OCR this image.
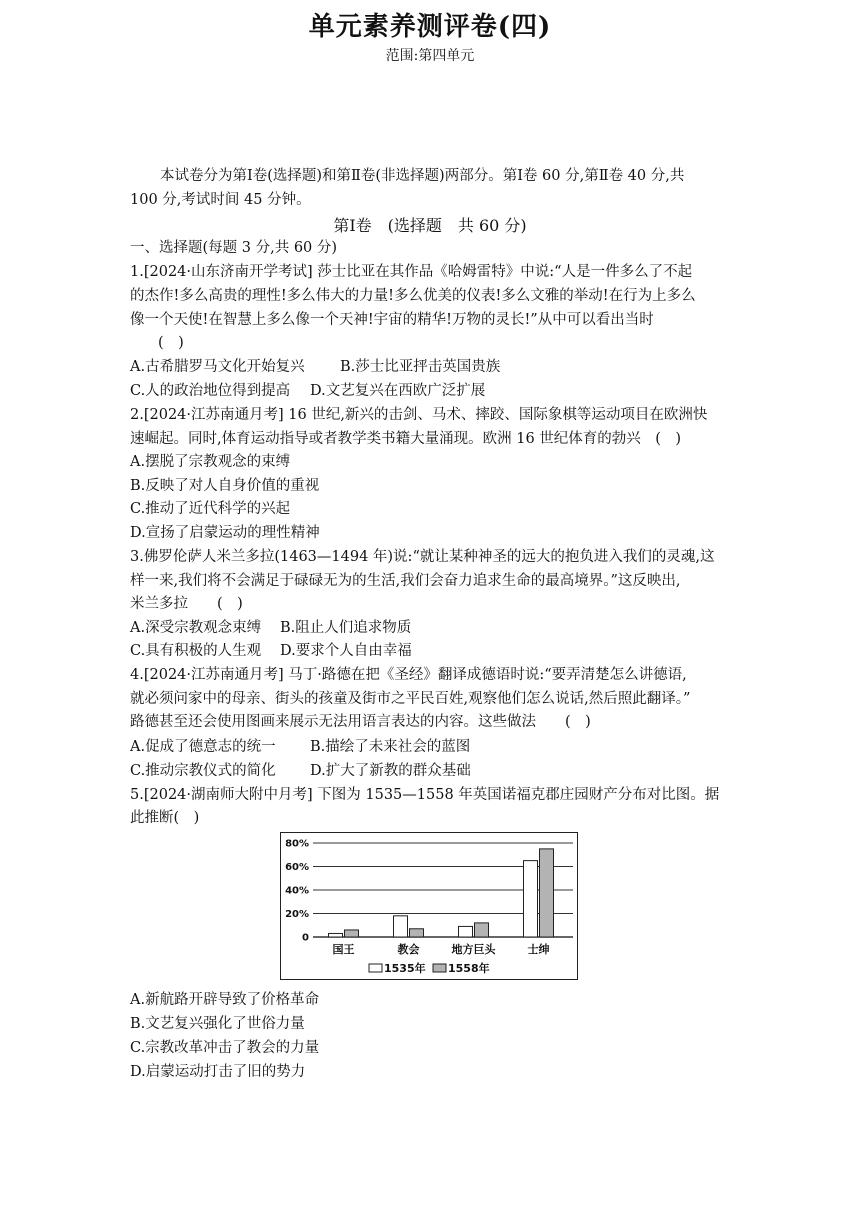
单元素养测评卷(四)
范围:第四单元
本试卷分为第Ⅰ卷(选择题)和第Ⅱ卷(非选择题)两部分。第Ⅰ卷 60 分,第Ⅱ卷 40 分,共
100 分,考试时间 45 分钟。
第Ⅰ卷　(选择题　共 60 分)
一、选择题(每题 3 分,共 60 分)
1.[2024·山东济南开学考试] 莎士比亚在其作品《哈姆雷特》中说:“人是一件多么了不起
的杰作!多么高贵的理性!多么伟大的力量!多么优美的仪表!多么文雅的举动!在行为上多么
像一个天使!在智慧上多么像一个天神!宇宙的精华!万物的灵长!”从中可以看出当时
(　)
A.古希腊罗马文化开始复兴 B.莎士比亚抨击英国贵族
C.人的政治地位得到提高 D.文艺复兴在西欧广泛扩展
2.[2024·江苏南通月考] 16 世纪,新兴的击剑、马术、摔跤、国际象棋等运动项目在欧洲快
速崛起。同时,体育运动指导或者教学类书籍大量涌现。欧洲 16 世纪体育的勃兴　(　)
A.摆脱了宗教观念的束缚
B.反映了对人自身价值的重视
C.推动了近代科学的兴起
D.宣扬了启蒙运动的理性精神
3.佛罗伦萨人米兰多拉(1463—1494 年)说:“就让某种神圣的远大的抱负进入我们的灵魂,这
样一来,我们将不会满足于碌碌无为的生活,我们会奋力追求生命的最高境界。”这反映出,
米兰多拉　　(　)
A.深受宗教观念束缚 B.阻止人们追求物质
C.具有积极的人生观 D.要求个人自由幸福
4.[2024·江苏南通月考] 马丁·路德在把《圣经》翻译成德语时说:“要弄清楚怎么讲德语,
就必须问家中的母亲、街头的孩童及街市之平民百姓,观察他们怎么说话,然后照此翻译。”
路德甚至还会使用图画来展示无法用语言表达的内容。这些做法　　(　)
A.促成了德意志的统一 B.描绘了未来社会的蓝图
C.推动宗教仪式的简化 D.扩大了新教的群众基础
5.[2024·湖南师大附中月考] 下图为 1535—1558 年英国诺福克郡庄园财产分布对比图。据
此推断(　)
0
20%
40%
60%
80%
国王	教会	地方巨头	士绅
1535年 1558年
A.新航路开辟导致了价格革命
B.文艺复兴强化了世俗力量
C.宗教改革冲击了教会的力量
D.启蒙运动打击了旧的势力
